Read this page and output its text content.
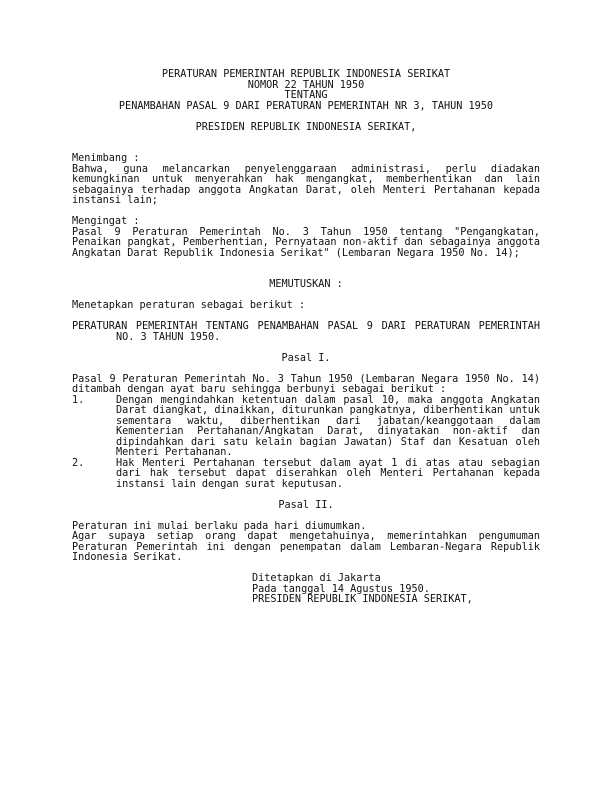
PERATURAN PEMERINTAH REPUBLIK INDONESIA SERIKAT
NOMOR 22 TAHUN 1950
TENTANG
PENAMBAHAN PASAL 9 DARI PERATURAN PEMERINTAH NR 3, TAHUN 1950
PRESIDEN REPUBLIK INDONESIA SERIKAT,
Menimbang :
Bahwa, guna melancarkan penyelenggaraan administrasi, perlu diadakan kemungkinan untuk menyerahkan hak mengangkat, memberhentikan dan lain sebagainya terhadap anggota Angkatan Darat, oleh Menteri Pertahanan kepada instansi lain;
Mengingat :
Pasal 9 Peraturan Pemerintah No. 3 Tahun 1950 tentang "Pengangkatan, Penaikan pangkat, Pemberhentian, Pernyataan non-aktif dan sebagainya anggota Angkatan Darat Republik Indonesia Serikat" (Lembaran Negara 1950 No. 14);
MEMUTUSKAN :
Menetapkan peraturan sebagai berikut :
PERATURAN PEMERINTAH TENTANG PENAMBAHAN PASAL 9 DARI PERATURAN PEMERINTAH NO. 3 TAHUN 1950.
Pasal I.
Pasal 9 Peraturan Pemerintah No. 3 Tahun 1950 (Lembaran Negara 1950 No. 14) ditambah dengan ayat baru sehingga berbunyi sebagai berikut :
1.	Dengan mengindahkan ketentuan dalam pasal 10, maka anggota Angkatan Darat diangkat, dinaikkan, diturunkan pangkatnya, diberhentikan untuk sementara waktu, diberhentikan dari jabatan/keanggotaan dalam Kementerian Pertahanan/Angkatan Darat, dinyatakan non-aktif dan dipindahkan dari satu kelain bagian Jawatan) Staf dan Kesatuan oleh Menteri Pertahanan.
2.	Hak Menteri Pertahanan tersebut dalam ayat 1 di atas atau sebagian dari hak tersebut dapat diserahkan oleh Menteri Pertahanan kepada instansi lain dengan surat keputusan.
Pasal II.
Peraturan ini mulai berlaku pada hari diumumkan.
Agar supaya setiap orang dapat mengetahuinya, memerintahkan pengumuman Peraturan Pemerintah ini dengan penempatan dalam Lembaran-Negara Republik Indonesia Serikat.
Ditetapkan di Jakarta
Pada tanggal 14 Agustus 1950.
PRESIDEN REPUBLIK INDONESIA SERIKAT,
